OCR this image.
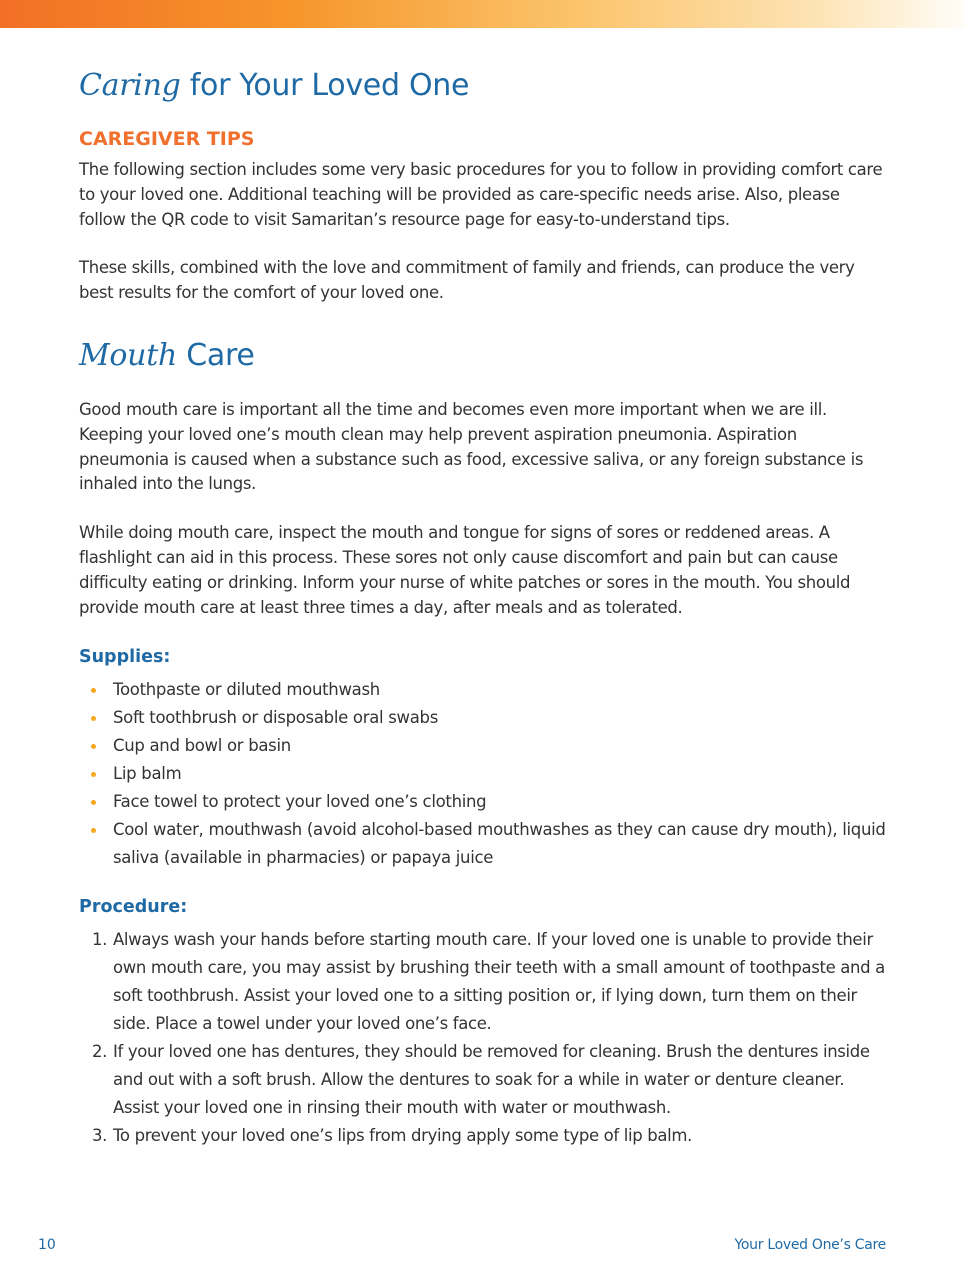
Caring for Your Loved One
CAREGIVER TIPS

The following section includes some very basic procedures for you to follow in providing comfort care to your loved one. Additional teaching will be provided as care-specific needs arise. Also, please follow the QR code to visit Samaritan’s resource page for easy-to-understand tips.

These skills, combined with the love and commitment of family and friends, can produce the very best results for the comfort of your loved one.

Mouth Care

Good mouth care is important all the time and becomes even more important when we are ill. Keeping your loved one’s mouth clean may help prevent aspiration pneumonia. Aspiration pneumonia is caused when a substance such as food, excessive saliva, or any foreign substance is inhaled into the lungs.

While doing mouth care, inspect the mouth and tongue for signs of sores or reddened areas. A flashlight can aid in this process. These sores not only cause discomfort and pain but can cause difficulty eating or drinking. Inform your nurse of white patches or sores in the mouth. You should provide mouth care at least three times a day, after meals and as tolerated.

Supplies:
Toothpaste or diluted mouthwash
Soft toothbrush or disposable oral swabs
Cup and bowl or basin
Lip balm
Face towel to protect your loved one’s clothing
Cool water, mouthwash (avoid alcohol-based mouthwashes as they can cause dry mouth), liquid saliva (available in pharmacies) or papaya juice
Procedure:
1. Always wash your hands before starting mouth care. If your loved one is unable to provide their own mouth care, you may assist by brushing their teeth with a small amount of toothpaste and a soft toothbrush. Assist your loved one to a sitting position or, if lying down, turn them on their side. Place a towel under your loved one’s face.
2. If your loved one has dentures, they should be removed for cleaning. Brush the dentures inside and out with a soft brush. Allow the dentures to soak for a while in water or denture cleaner. Assist your loved one in rinsing their mouth with water or mouthwash.
3. To prevent your loved one’s lips from drying apply some type of lip balm.
10	Your Loved One’s Care
